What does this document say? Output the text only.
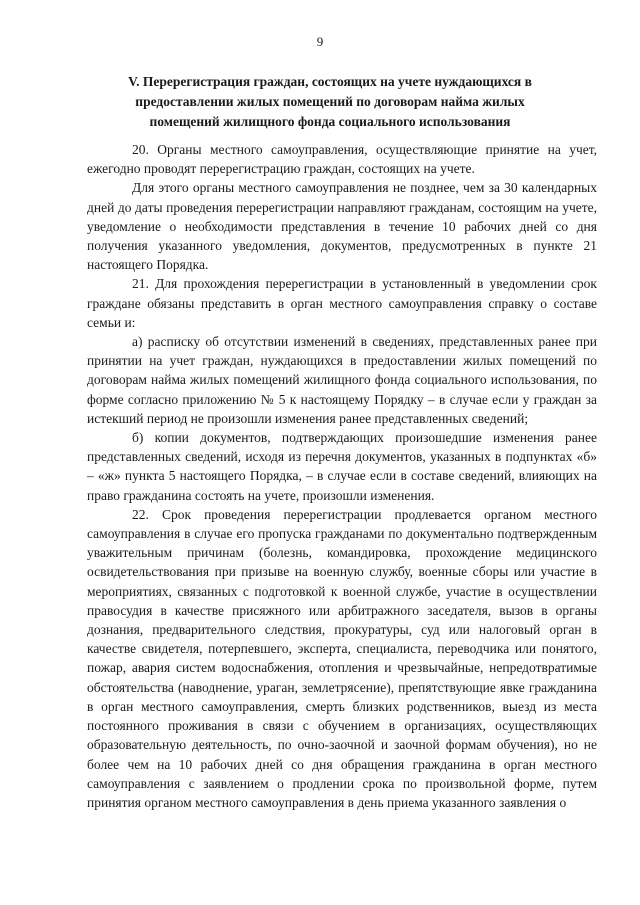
9
V. Перерегистрация граждан, состоящих на учете нуждающихся в предоставлении жилых помещений по договорам найма жилых помещений жилищного фонда социального использования

20. Органы местного самоуправления, осуществляющие принятие на учет, ежегодно проводят перерегистрацию граждан, состоящих на учете.

Для этого органы местного самоуправления не позднее, чем за 30 календарных дней до даты проведения перерегистрации направляют гражданам, состоящим на учете, уведомление о необходимости представления в течение 10 рабочих дней со дня получения указанного уведомления, документов, предусмотренных в пункте 21 настоящего Порядка.

21. Для прохождения перерегистрации в установленный в уведомлении срок граждане обязаны представить в орган местного самоуправления справку о составе семьи и:

а) расписку об отсутствии изменений в сведениях, представленных ранее при принятии на учет граждан, нуждающихся в предоставлении жилых помещений по договорам найма жилых помещений жилищного фонда социального использования, по форме согласно приложению № 5 к настоящему Порядку – в случае если у граждан за истекший период не произошли изменения ранее представленных сведений;

б) копии документов, подтверждающих произошедшие изменения ранее представленных сведений, исходя из перечня документов, указанных в подпунктах «б» – «ж» пункта 5 настоящего Порядка, – в случае если в составе сведений, влияющих на право гражданина состоять на учете, произошли изменения.

22. Срок проведения перерегистрации продлевается органом местного самоуправления в случае его пропуска гражданами по документально подтвержденным уважительным причинам (болезнь, командировка, прохождение медицинского освидетельствования при призыве на военную службу, военные сборы или участие в мероприятиях, связанных с подготовкой к военной службе, участие в осуществлении правосудия в качестве присяжного или арбитражного заседателя, вызов в органы дознания, предварительного следствия, прокуратуры, суд или налоговый орган в качестве свидетеля, потерпевшего, эксперта, специалиста, переводчика или понятого, пожар, авария систем водоснабжения, отопления и чрезвычайные, непредотвратимые обстоятельства (наводнение, ураган, землетрясение), препятствующие явке гражданина в орган местного самоуправления, смерть близких родственников, выезд из места постоянного проживания в связи с обучением в организациях, осуществляющих образовательную деятельность, по очно-заочной и заочной формам обучения), но не более чем на 10 рабочих дней со дня обращения гражданина в орган местного самоуправления с заявлением о продлении срока по произвольной форме, путем принятия органом местного самоуправления в день приема указанного заявления о
